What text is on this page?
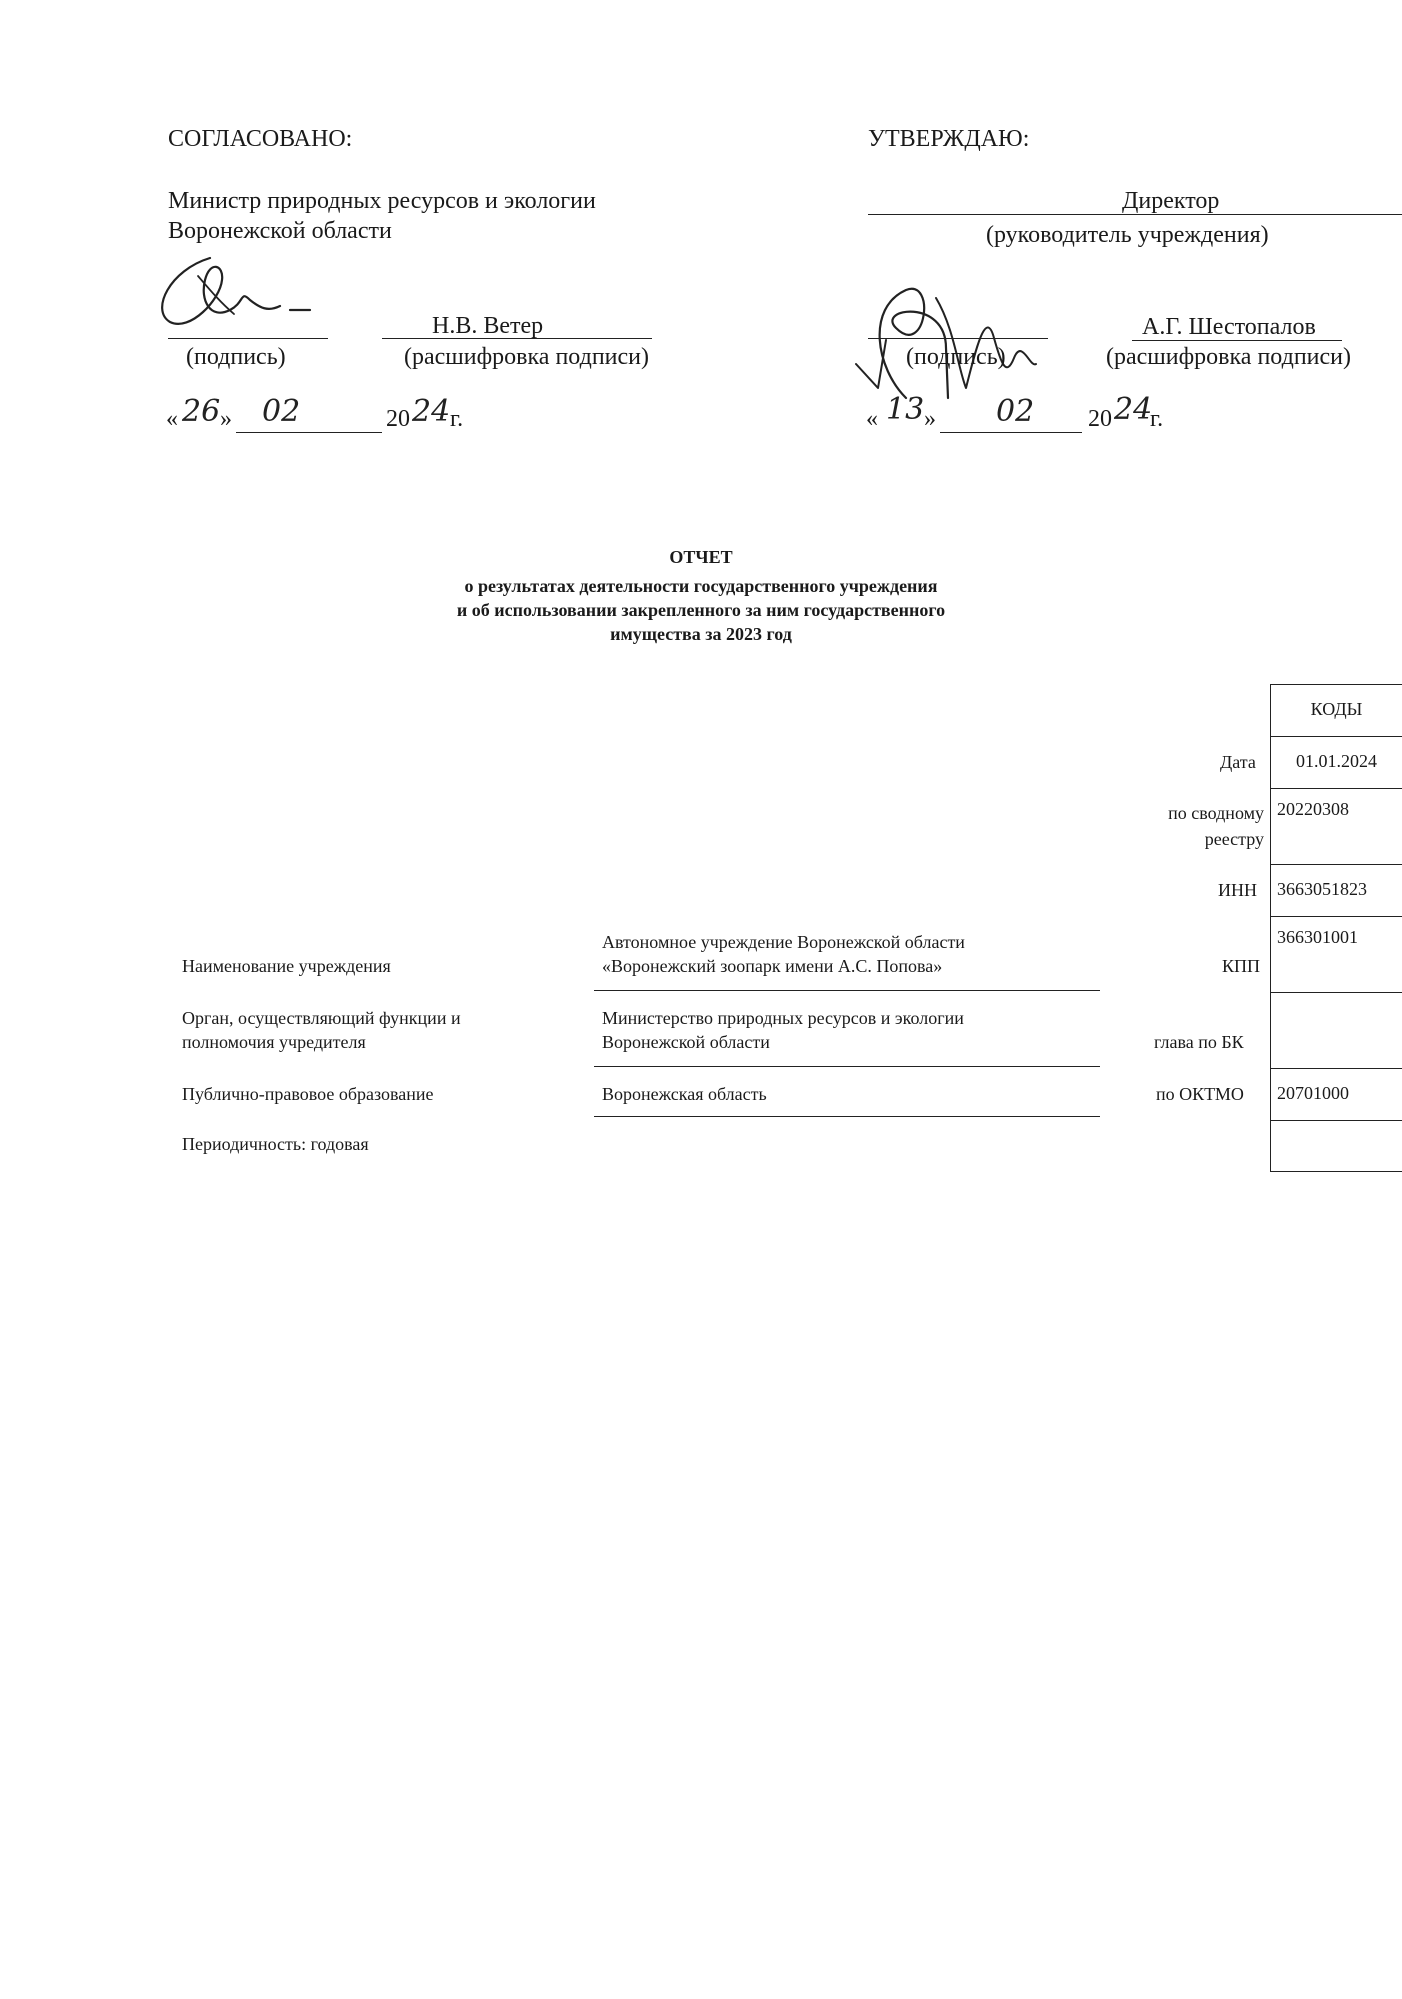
СОГЛАСОВАНО:
Министр природных ресурсов и экологии
Воронежской области
(подпись)
Н.В. Ветер
(расшифровка подписи)
« 26 » 02	20 24 г.
УТВЕРЖДАЮ:
Директор
(руководитель учреждения)
(подпись)
А.Г. Шестопалов
(расшифровка подписи)
« 13 » 02 20 24
г.
ОТЧЕТ
о результатах деятельности государственного учреждения
и об использовании закрепленного за ним государственного
имущества за 2023 год
КОДЫ
01.01.2024
20220308
3663051823
366301001
20701000
Дата
по сводному реестру
ИНН
КПП
глава по БК
по ОКТМО
Наименование учреждения
Автономное учреждение Воронежской области
«Воронежский зоопарк имени А.С. Попова»
Орган, осуществляющий функции и
полномочия учредителя
Министерство природных ресурсов и экологии
Воронежской области
Публично-правовое образование	Воронежская область
Периодичность: годовая
